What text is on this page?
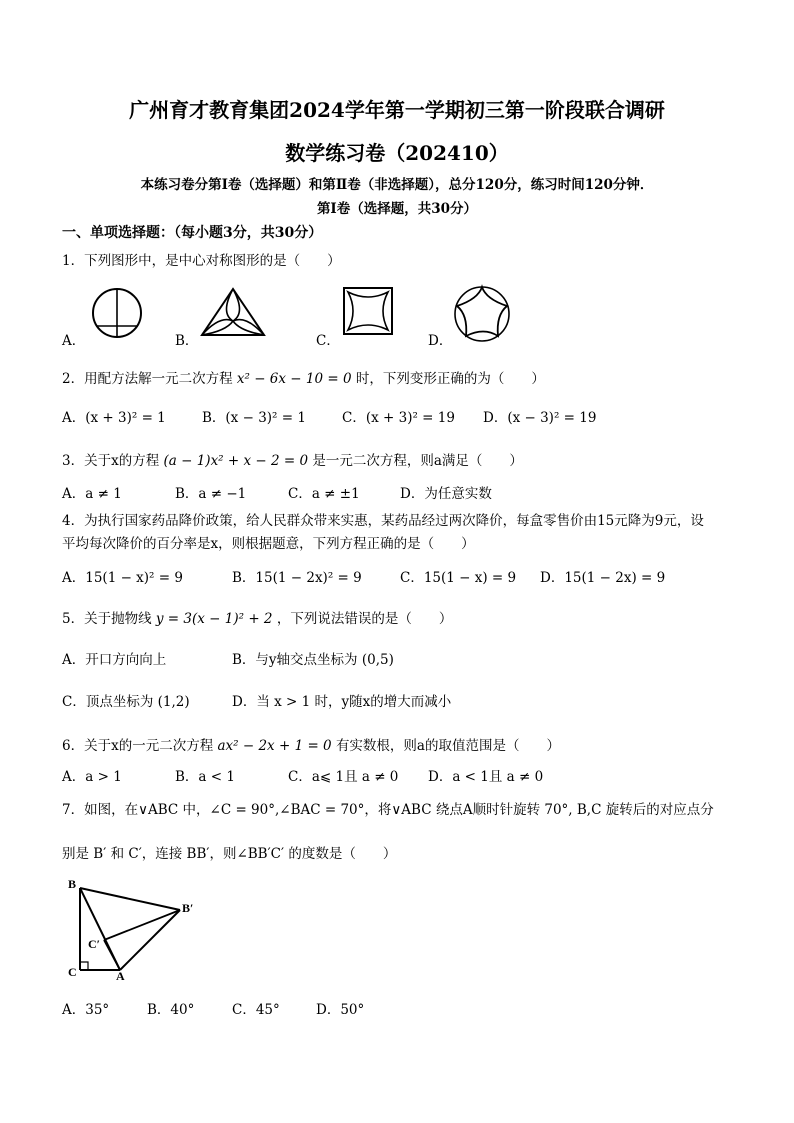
广州育才教育集团2024学年第一学期初三第一阶段联合调研
数学练习卷（202410）
本练习卷分第Ⅰ卷（选择题）和第Ⅱ卷（非选择题），总分120分，练习时间120分钟．
第Ⅰ卷（选择题，共30分）
一、单项选择题：（每小题3分，共30分）
1．下列图形中，是中心对称图形的是（　　）
A．	B．	C．	D．
2．用配方法解一元二次方程 x² − 6x − 10 = 0 时，下列变形正确的为（　　）
A．(x + 3)² = 1	B．(x − 3)² = 1	C．(x + 3)² = 19 D．(x − 3)² = 19
3．关于x的方程 (a − 1)x² + x − 2 = 0 是一元二次方程，则a满足（　　）
A．a ≠ 1	B．a ≠ −1	C．a ≠ ±1	D．为任意实数
4．为执行国家药品降价政策，给人民群众带来实惠，某药品经过两次降价，每盒零售价由15元降为9元，设
平均每次降价的百分率是x，则根据题意，下列方程正确的是（　　）
A．15(1 − x)² = 9	B．15(1 − 2x)² = 9	C．15(1 − x) = 9 D．15(1 − 2x) = 9
5．关于抛物线 y = 3(x − 1)² + 2 ，下列说法错误的是（　　）
A．开口方向向上	B．与y轴交点坐标为 (0,5)
C．顶点坐标为 (1,2)	D．当 x > 1 时，y随x的增大而减小
6．关于x的一元二次方程 ax² − 2x + 1 = 0 有实数根，则a的取值范围是（　　）
A．a > 1	B．a < 1	C．a⩽ 1且 a ≠ 0 D．a < 1且 a ≠ 0
7．如图，在∨ABC 中，∠C = 90°,∠BAC = 70°，将∨ABC 绕点A顺时针旋转 70°, B,C 旋转后的对应点分
别是 B′ 和 C′，连接 BB′，则∠BB′C′ 的度数是（　　）
B
B′
C′
C	A
A．35°	B．40°	C．45°	D．50°
